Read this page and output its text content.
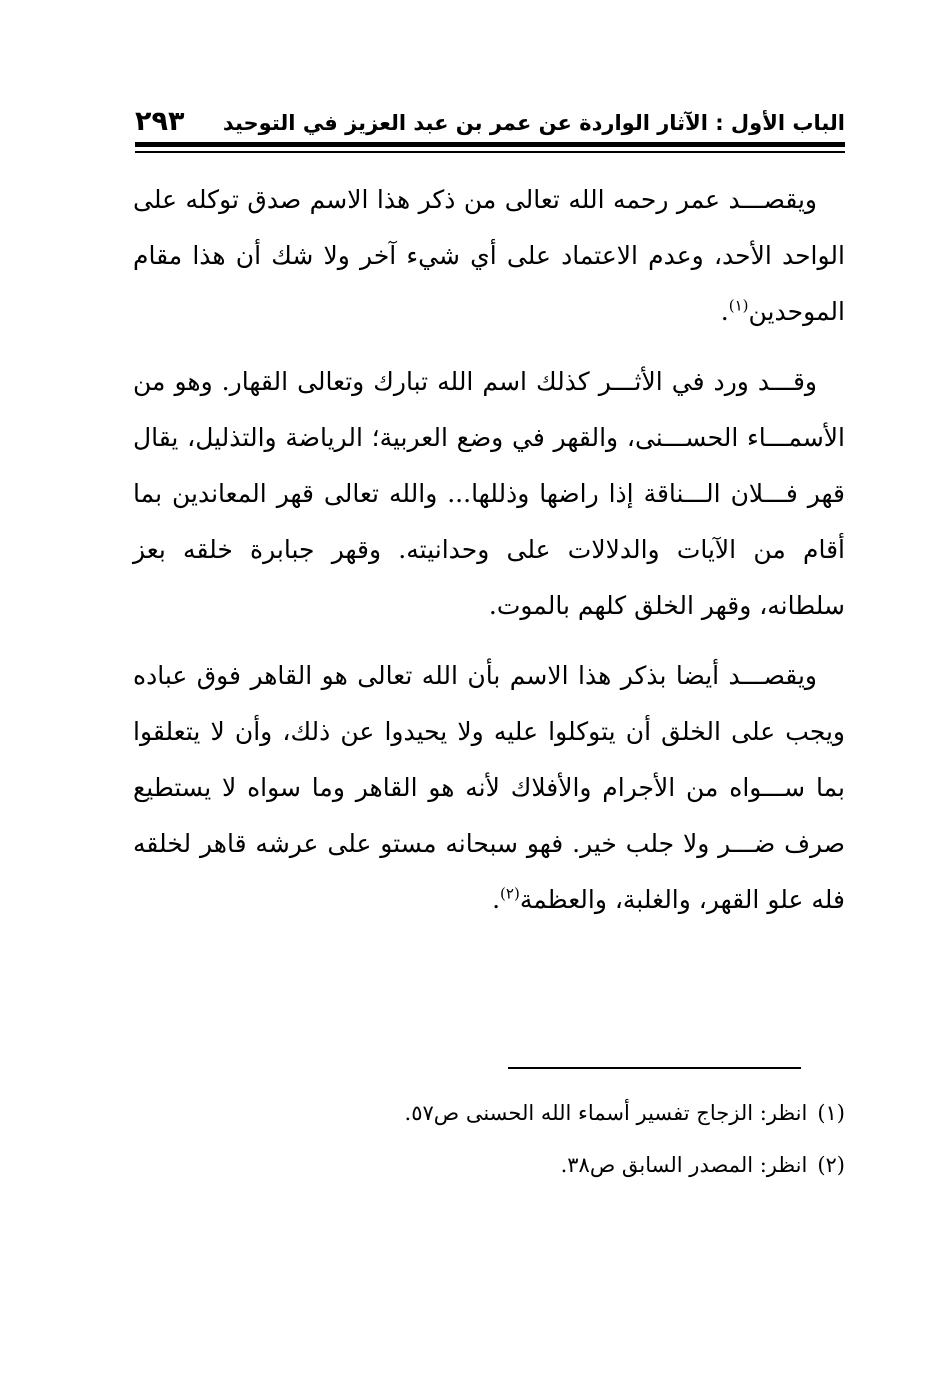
الباب الأول : الآثار الواردة عن عمر بن عبد العزيز في التوحيد
٢٩٣

ويقصـــد عمر رحمه الله تعالى من ذكر هذا الاسم صدق توكله على الواحد الأحد، وعدم الاعتماد على أي شيء آخر ولا شك أن هذا مقام الموحدين$^{(١)}$.

وقـــد ورد في الأثـــر كذلك اسم الله تبارك وتعالى القهار. وهو من الأسمـــاء الحســـنى، والقهر في وضع العربية؛ الرياضة والتذليل، يقال قهر فـــلان الـــناقة إذا راضها وذللها... والله تعالى قهر المعاندين بما أقام من الآيات والدلالات على وحدانيته. وقهر جبابرة خلقه بعز سلطانه، وقهر الخلق كلهم بالموت.

ويقصـــد أيضا بذكر هذا الاسم بأن الله تعالى هو القاهر فوق عباده ويجب على الخلق أن يتوكلوا عليه ولا يحيدوا عن ذلك، وأن لا يتعلقوا بما ســـواه من الأجرام والأفلاك لأنه هو القاهر وما سواه لا يستطيع صرف ضـــر ولا جلب خير. فهو سبحانه مستو على عرشه قاهر لخلقه فله علو القهر، والغلبة، والعظمة$^{(٢)}$.

(١)انظر: الزجاج تفسير أسماء الله الحسنى ص٥٧.
(٢)انظر: المصدر السابق ص٣٨.
